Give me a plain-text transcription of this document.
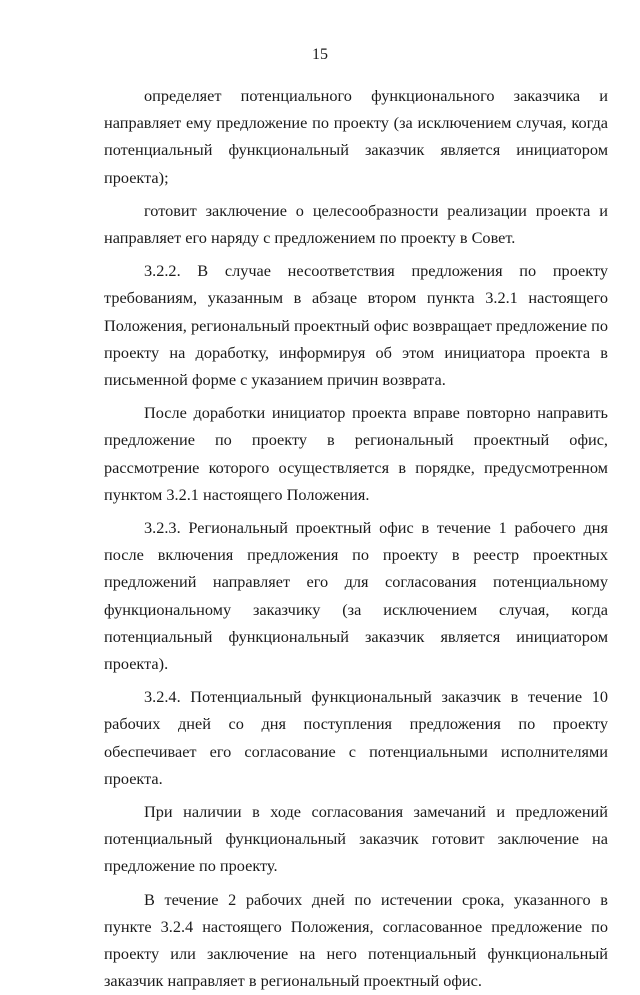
15

определяет потенциального функционального заказчика и направляет ему предложение по проекту (за исключением случая, когда потенциальный функциональный заказчик является инициатором проекта);

готовит заключение о целесообразности реализации проекта и направляет его наряду с предложением по проекту в Совет.

3.2.2. В случае несоответствия предложения по проекту требованиям, указанным в абзаце втором пункта 3.2.1 настоящего Положения, региональный проектный офис возвращает предложение по проекту на доработку, информируя об этом инициатора проекта в письменной форме с указанием причин возврата.

После доработки инициатор проекта вправе повторно направить предложение по проекту в региональный проектный офис, рассмотрение которого осуществляется в порядке, предусмотренном пунктом 3.2.1 настоящего Положения.

3.2.3. Региональный проектный офис в течение 1 рабочего дня после включения предложения по проекту в реестр проектных предложений направляет его для согласования потенциальному функциональному заказчику (за исключением случая, когда потенциальный функциональный заказчик является инициатором проекта).

3.2.4. Потенциальный функциональный заказчик в течение 10 рабочих дней со дня поступления предложения по проекту обеспечивает его согласование с потенциальными исполнителями проекта.

При наличии в ходе согласования замечаний и предложений потенциальный функциональный заказчик готовит заключение на предложение по проекту.

В течение 2 рабочих дней по истечении срока, указанного в пункте 3.2.4 настоящего Положения, согласованное предложение по проекту или заключение на него потенциальный функциональный заказчик направляет в региональный проектный офис.
